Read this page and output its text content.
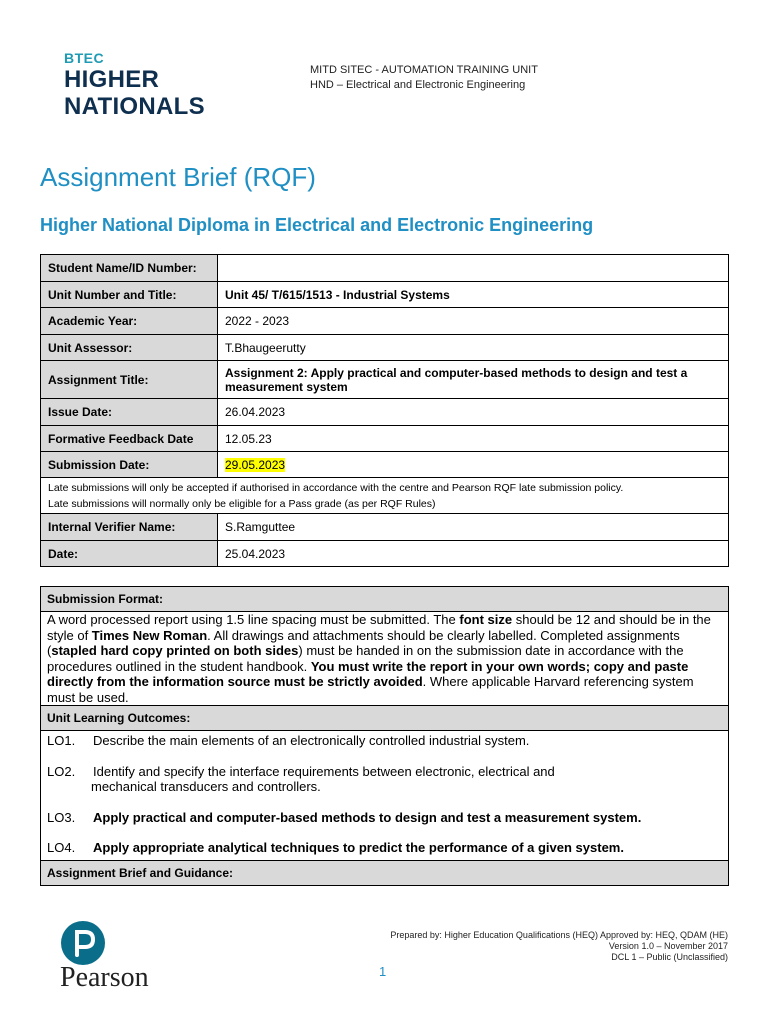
BTEC
HIGHER
NATIONALS
MITD SITEC - AUTOMATION TRAINING UNIT
HND – Electrical and Electronic Engineering
Assignment Brief (RQF)
Higher National Diploma in Electrical and Electronic Engineering
Student Name/ID Number:	
Unit Number and Title:	Unit 45/ T/615/1513 - Industrial Systems
Academic Year:	2022 - 2023
Unit Assessor:	T.Bhaugeerutty
Assignment Title:	Assignment 2: Apply practical and computer-based methods to design and test a measurement system
Issue Date:	26.04.2023
Formative Feedback Date	12.05.23
Submission Date:	29.05.2023

Late submissions will only be accepted if authorised in accordance with the centre and Pearson RQF late submission policy.
Late submissions will normally only be eligible for a Pass grade (as per RQF Rules)	

Internal Verifier Name:	S.Ramguttee
Date:	25.04.2023
Submission Format:
A word processed report using 1.5 line spacing must be submitted. The font size should be 12 and should be in the style of Times New Roman. All drawings and attachments should be clearly labelled. Completed assignments (stapled hard copy printed on both sides) must be handed in on the submission date in accordance with the procedures outlined in the student handbook. You must write the report in your own words; copy and paste directly from the information source must be strictly avoided. Where applicable Harvard referencing system must be used.
Unit Learning Outcomes:

LO1. Describe the main elements of an electronically controlled industrial system.
LO2. Identify and specify the interface requirements between electronic, electrical and
mechanical transducers and controllers.
LO3. Apply practical and computer-based methods to design and test a measurement system.
LO4. Apply appropriate analytical techniques to predict the performance of a given system.

Assignment Brief and Guidance:
Pearson	1
Prepared by: Higher Education Qualifications (HEQ) Approved by: HEQ, QDAM (HE)
Version 1.0 – November 2017
DCL 1 – Public (Unclassified)
